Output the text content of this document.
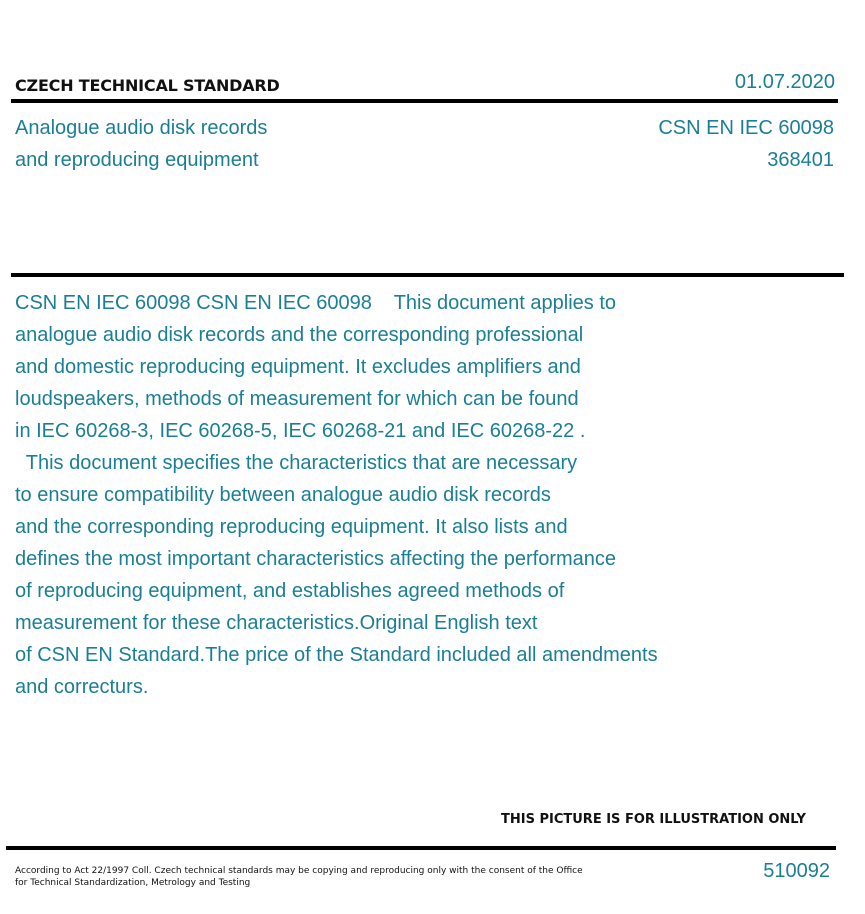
CZECH TECHNICAL STANDARD	01.07.2020
Analogue audio disk records
and reproducing equipment
CSN EN IEC 60098
368401
CSN EN IEC 60098 CSN EN IEC 60098    This document applies to
analogue audio disk records and the corresponding professional
and domestic reproducing equipment. It excludes amplifiers and
loudspeakers, methods of measurement for which can be found
in IEC 60268-3, IEC 60268-5, IEC 60268-21 and IEC 60268-22 .
This document specifies the characteristics that are necessary
to ensure compatibility between analogue audio disk records
and the corresponding reproducing equipment. It also lists and
defines the most important characteristics affecting the performance
of reproducing equipment, and establishes agreed methods of
measurement for these characteristics.Original English text
of CSN EN Standard.The price of the Standard included all amendments
and correcturs.
THIS PICTURE IS FOR ILLUSTRATION ONLY
According to Act 22/1997 Coll. Czech technical standards may be copying and reproducing only with the consent of the Office
for Technical Standardization, Metrology and Testing
510092
